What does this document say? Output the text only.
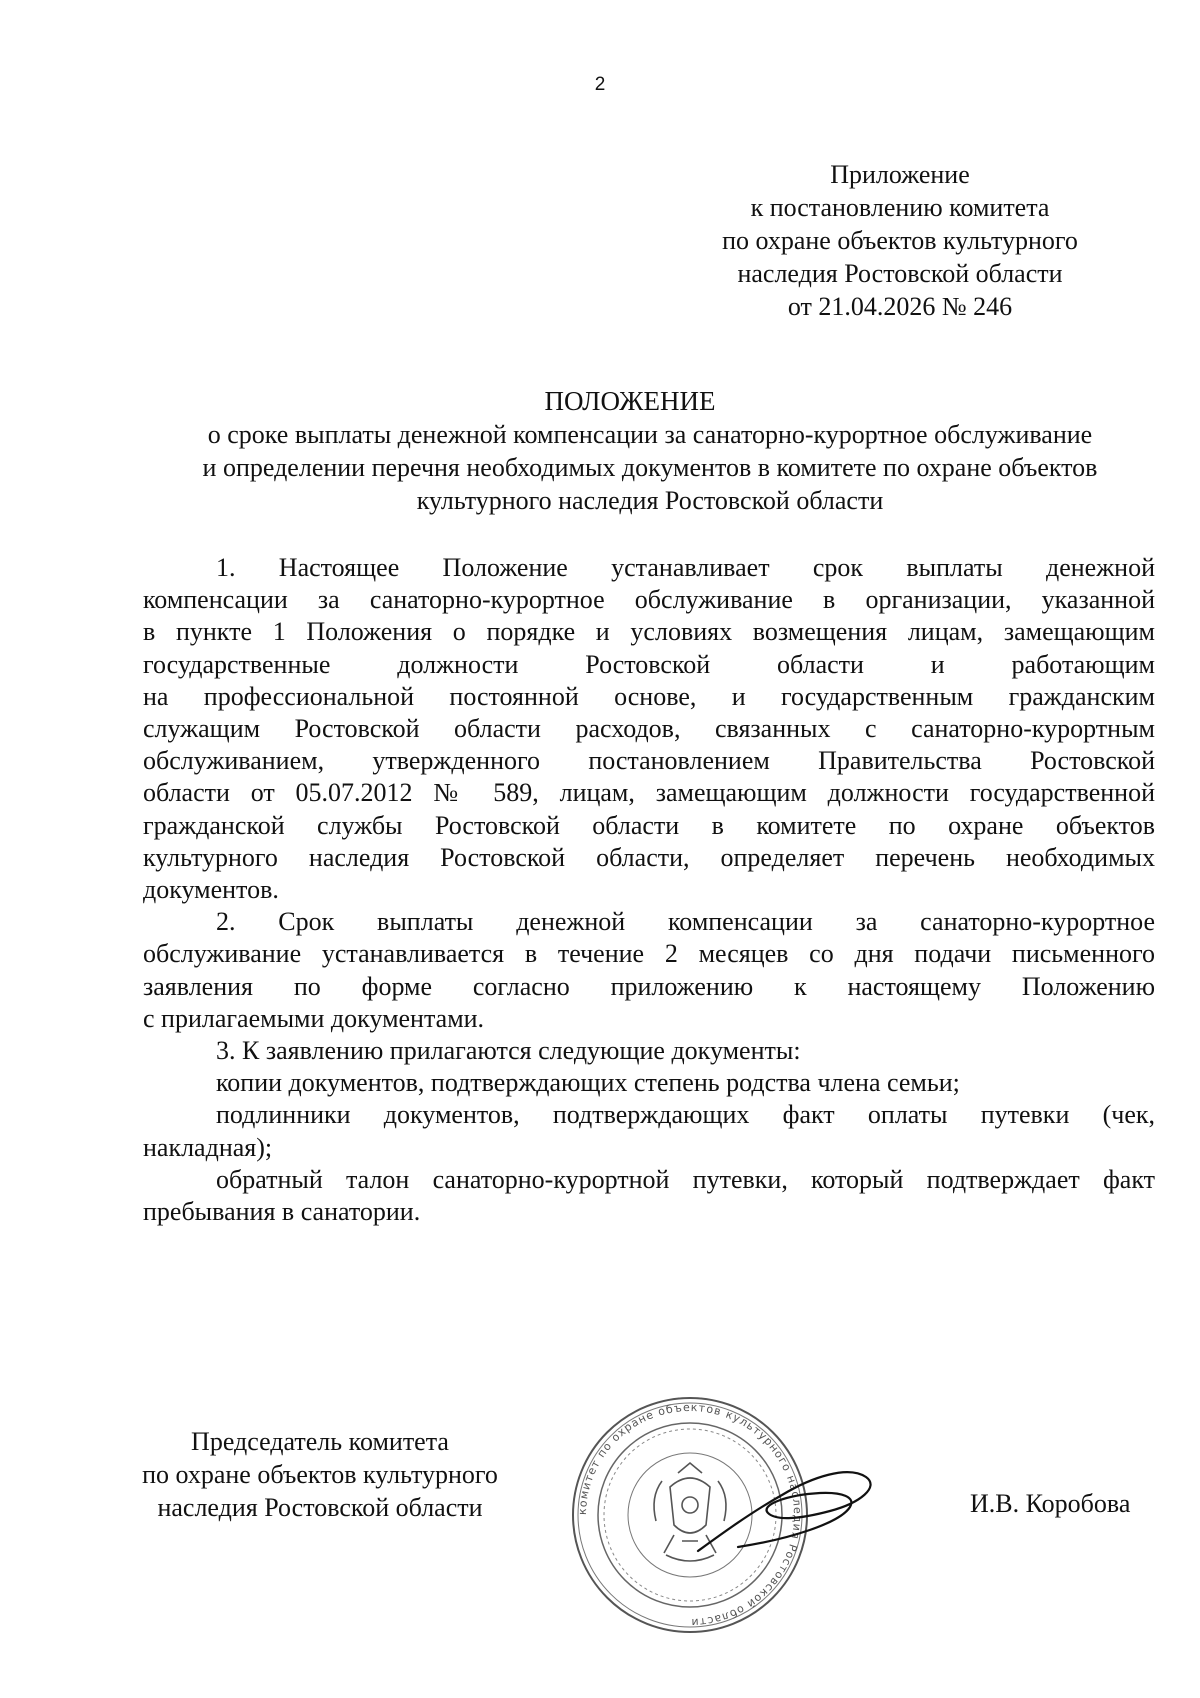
2
Приложение
к постановлению комитета
по охране объектов культурного
наследия Ростовской области
от 21.04.2026 № 246
ПОЛОЖЕНИЕ
о сроке выплаты денежной компенсации за санаторно-курортное обслуживание
и определении перечня необходимых документов в комитете по охране объектов
культурного наследия Ростовской области
1. Настоящее Положение устанавливает срок выплаты денежной
компенсации за санаторно-курортное обслуживание в организации, указанной
в пункте 1 Положения о порядке и условиях возмещения лицам, замещающим
государственные должности Ростовской области и работающим
на профессиональной постоянной основе, и государственным гражданским
служащим Ростовской области расходов, связанных с санаторно-курортным
обслуживанием, утвержденного постановлением Правительства Ростовской
области от 05.07.2012 № 589, лицам, замещающим должности государственной
гражданской службы Ростовской области в комитете по охране объектов
культурного наследия Ростовской области, определяет перечень необходимых
документов.
2. Срок выплаты денежной компенсации за санаторно-курортное
обслуживание устанавливается в течение 2 месяцев со дня подачи письменного
заявления по форме согласно приложению к настоящему Положению
с прилагаемыми документами.
3. К заявлению прилагаются следующие документы:
копии документов, подтверждающих степень родства члена семьи;
подлинники документов, подтверждающих факт оплаты путевки (чек,
накладная);
обратный талон санаторно-курортной путевки, который подтверждает факт
пребывания в санатории.
Председатель комитета
по охране объектов культурного
наследия Ростовской области	комитет по охране объектов культурного наследия Ростовской области
И.В. Коробова
